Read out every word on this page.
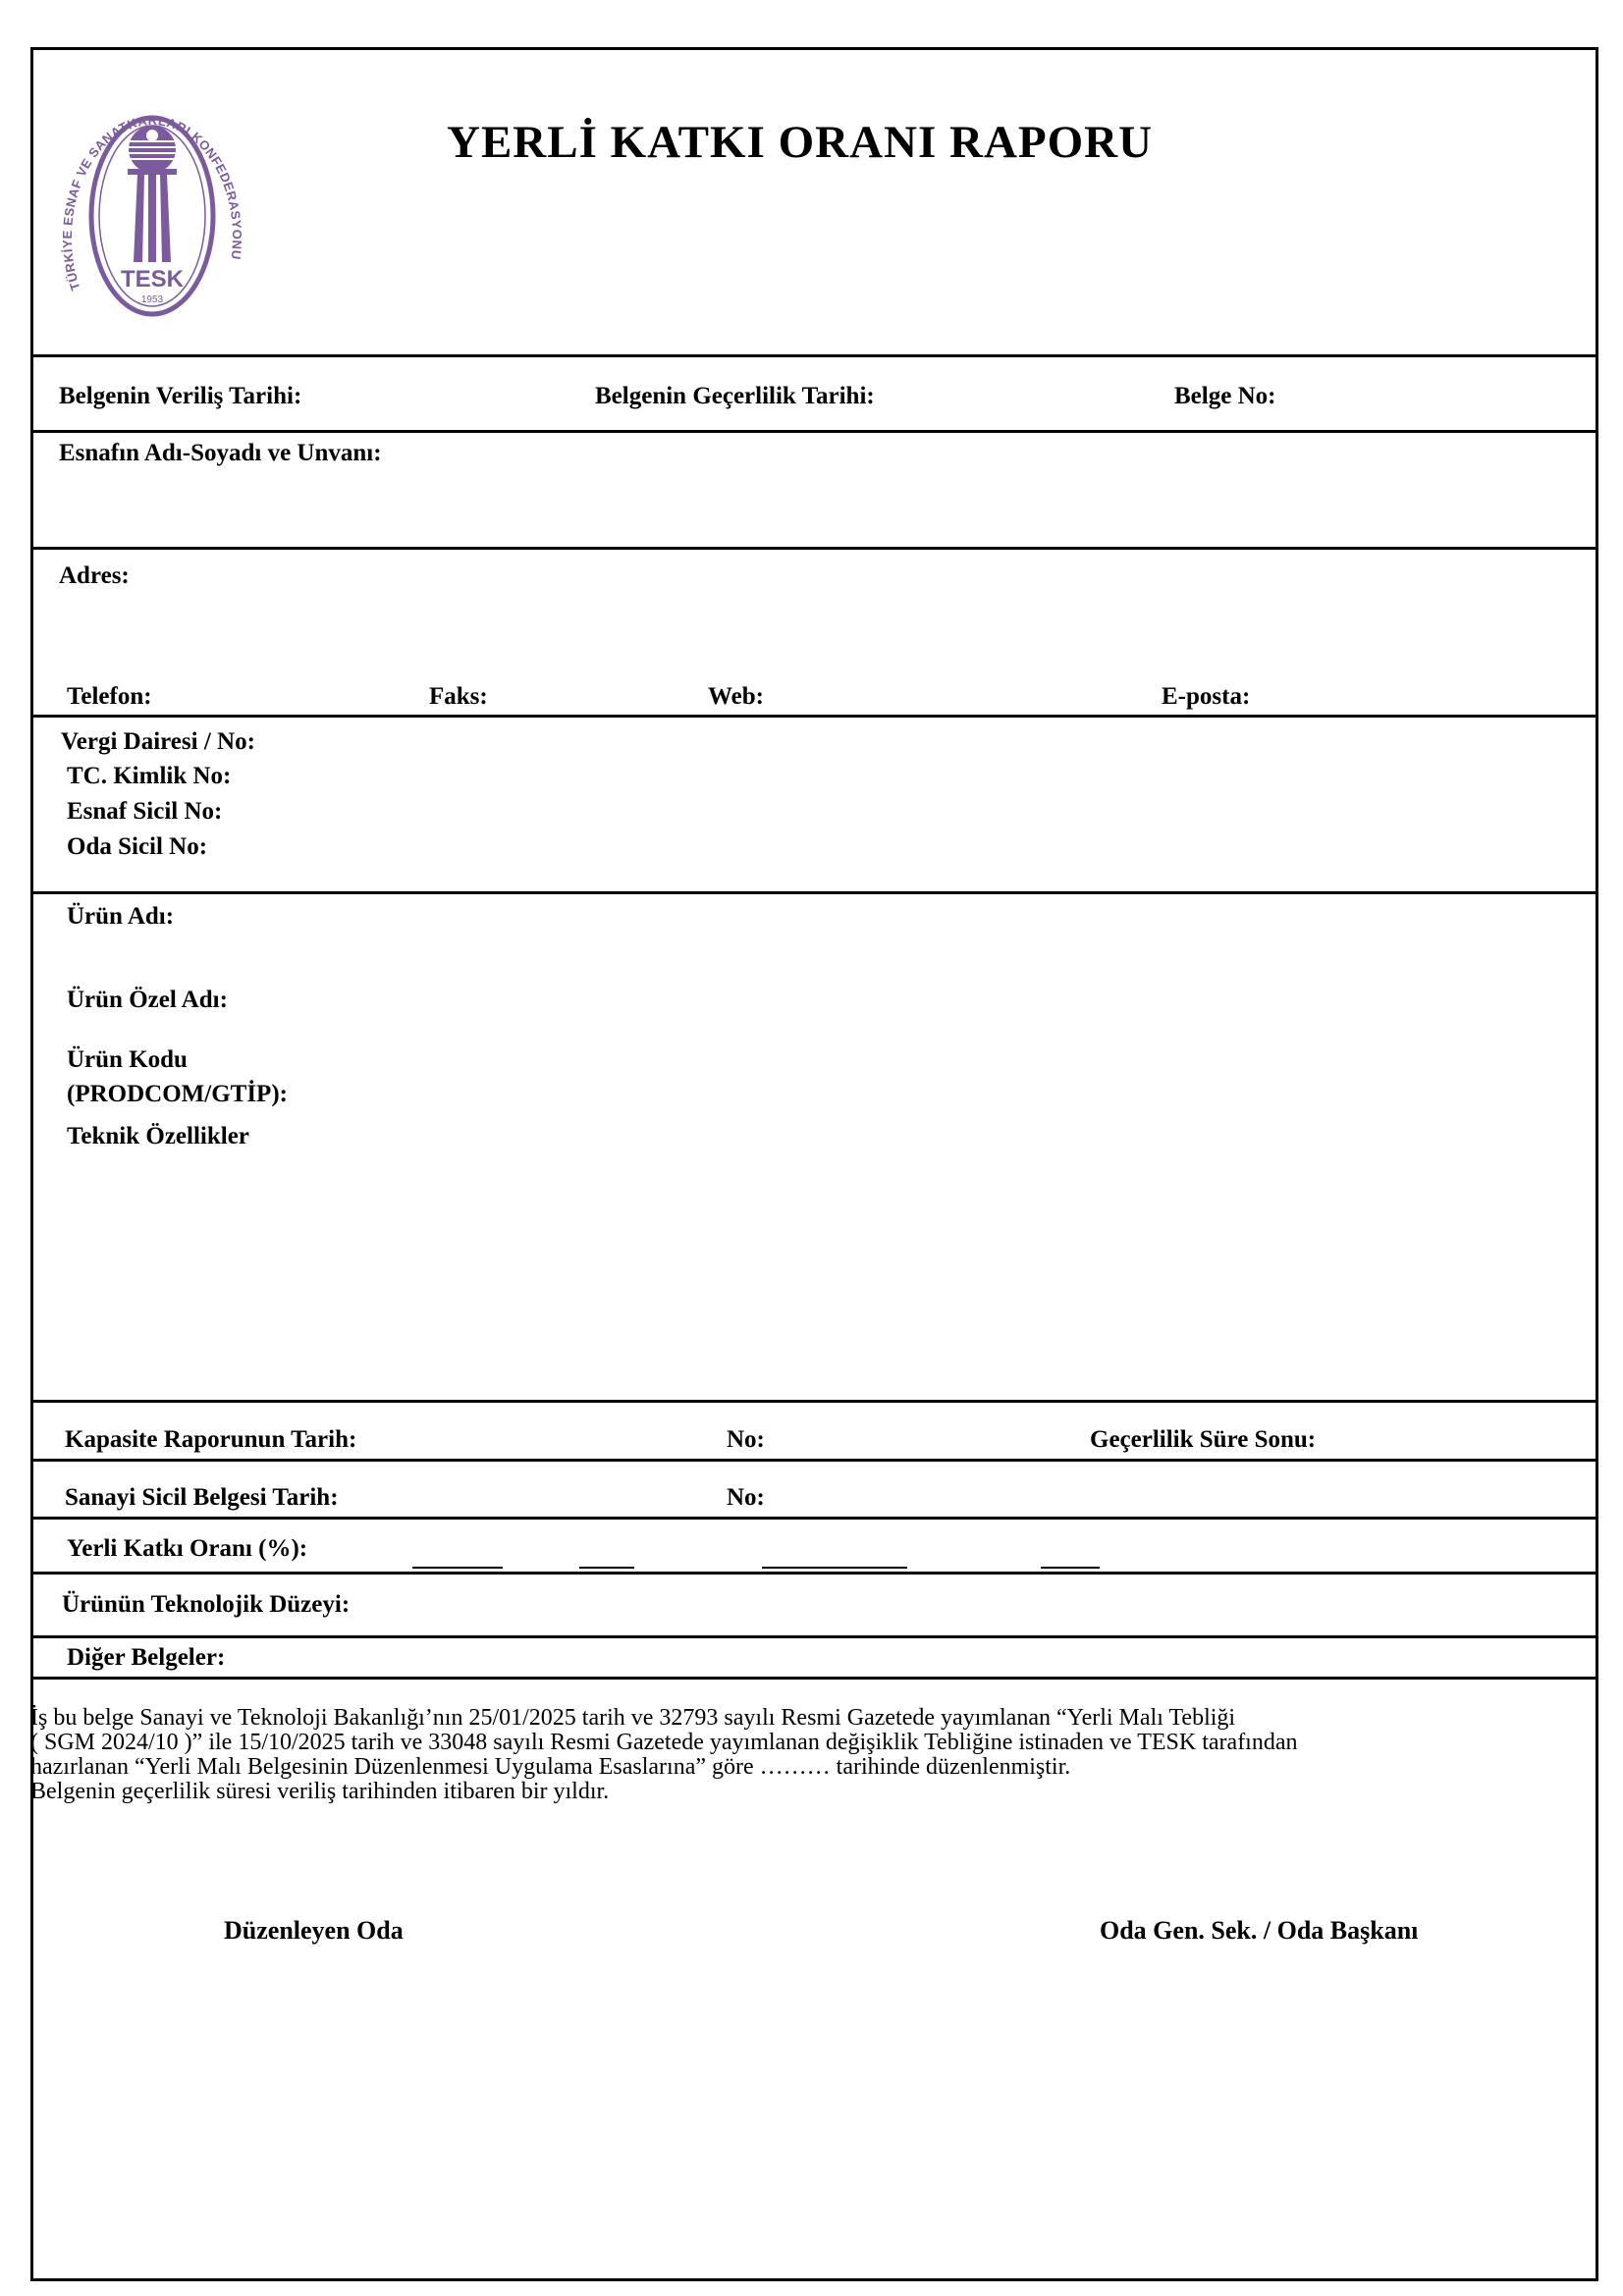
TESK
1953
TÜRKİYE ESNAF VE SANATKARLARI KONFEDERASYONU
YERLİ KATKI ORANI RAPORU
Belgenin Veriliş Tarihi:	Belgenin Geçerlilik Tarihi:	Belge No:
Esnafın Adı-Soyadı ve Unvanı:
Adres:
Telefon:	Faks:	Web:	E-posta:
Vergi Dairesi / No:
TC. Kimlik No:
Esnaf Sicil No:
Oda Sicil No:
Ürün Adı:
Ürün Özel Adı:
Ürün Kodu
(PRODCOM/GTİP):
Teknik Özellikler
Kapasite Raporunun Tarih:	No:	Geçerlilik Süre Sonu:
Sanayi Sicil Belgesi Tarih:	No:
Yerli Katkı Oranı (%):
Ürünün Teknolojik Düzeyi:
Diğer Belgeler:

İş bu belge Sanayi ve Teknoloji Bakanlığı’nın 25/01/2025 tarih ve 32793 sayılı Resmi Gazetede yayımlanan “Yerli Malı Tebliği

( SGM 2024/10 )” ile 15/10/2025 tarih ve 33048 sayılı Resmi Gazetede yayımlanan değişiklik Tebliğine istinaden ve TESK tarafından

hazırlanan “Yerli Malı Belgesinin Düzenlenmesi Uygulama Esaslarına” göre ……… tarihinde düzenlenmiştir.

Belgenin geçerlilik süresi veriliş tarihinden itibaren bir yıldır.

Düzenleyen Oda	Oda Gen. Sek. / Oda Başkanı
